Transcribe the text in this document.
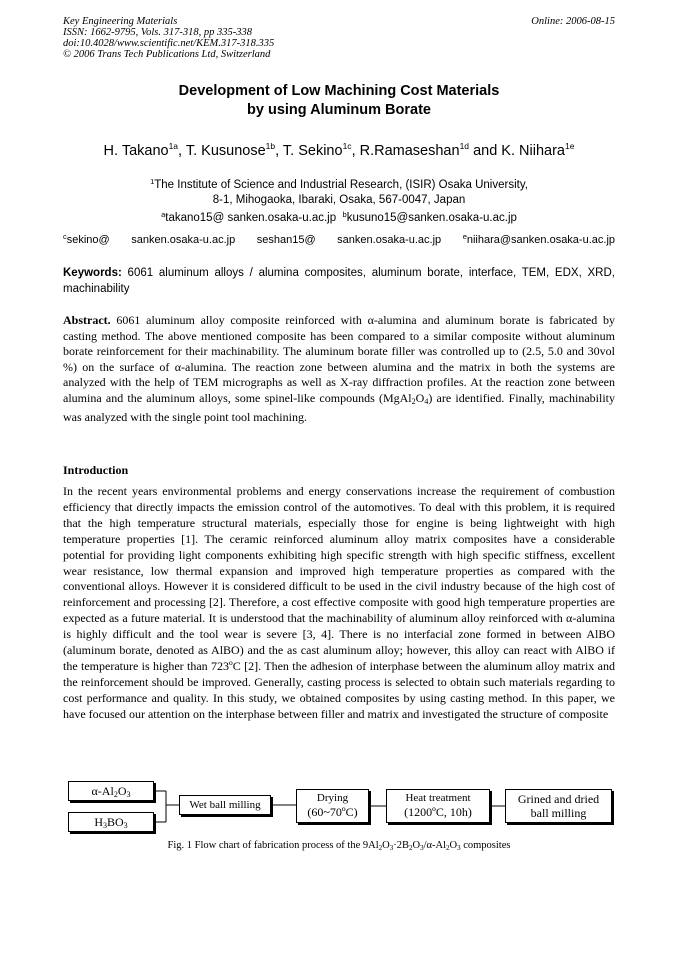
Key Engineering Materials
ISSN: 1662-9795, Vols. 317-318, pp 335-338
doi:10.4028/www.scientific.net/KEM.317-318.335
© 2006 Trans Tech Publications Ltd, Switzerland
Online: 2006-08-15
Development of Low Machining Cost Materials
by using Aluminum Borate
H. Takano$^{1a}$, T. Kusunose$^{1b}$, T. Sekino$^{1c}$, R.Ramaseshan$^{1d}$ and K. Niihara$^{1e}$
$^1$The Institute of Science and Industrial Research, (ISIR) Osaka University,
8-1, Mihogaoka, Ibaraki, Osaka, 567-0047, Japan
$^a$takano15@ sanken.osaka-u.ac.jp $^b$kusuno15@sanken.osaka-u.ac.jp
$^c$sekino@ sanken.osaka-u.ac.jp seshan15@ sanken.osaka-u.ac.jp	$^e$niihara@sanken.osaka-u.ac.jp
Keywords: 6061 aluminum alloys / alumina composites, aluminum borate, interface, TEM, EDX, XRD, machinability
Abstract. 6061 aluminum alloy composite reinforced with α-alumina and aluminum borate is fabricated by casting method. The above mentioned composite has been compared to a similar composite without aluminum borate reinforcement for their machinability. The aluminum borate filler was controlled up to (2.5, 5.0 and 30vol %) on the surface of α-alumina. The reaction zone between alumina and the matrix in both the systems are analyzed with the help of TEM micrographs as well as X-ray diffraction profiles. At the reaction zone between alumina and the aluminum alloys, some spinel-like compounds $(MgAl_2O_4)$ are identified. Finally, machinability was analyzed with the single point tool machining.
Introduction
In the recent years environmental problems and energy conservations increase the requirement of combustion efficiency that directly impacts the emission control of the automotives. To deal with this problem, it is required that the high temperature structural materials, especially those for engine is being lightweight with high temperature properties [1]. The ceramic reinforced aluminum alloy matrix composites have a considerable potential for providing light components exhibiting high specific strength with high specific stiffness, excellent wear resistance, low thermal expansion and improved high temperature properties as compared with the conventional alloys. However it is considered difficult to be used in the civil industry because of the high cost of reinforcement and processing [2]. Therefore, a cost effective composite with good high temperature properties are expected as a future material. It is understood that the machinability of aluminum alloy reinforced with α-alumina is highly difficult and the tool wear is severe [3, 4]. There is no interfacial zone formed in between AlBO (aluminum borate, denoted as AlBO) and the as cast aluminum alloy; however, this alloy can react with AlBO if the temperature is higher than 723ºC [2]. Then the adhesion of interphase between the aluminum alloy matrix and the reinforcement should be improved. Generally, casting process is selected to obtain such materials regarding to cost performance and quality. In this study, we obtained composites by using casting method. In this paper, we have focused our attention on the interphase between filler and matrix and investigated the structure of composite
$\alpha-Al_2O_3$
$H_3BO_3$
Wet ball milling
Drying
(60~70ºC)
Heat treatment
(1200ºC, 10h)
Grined and dried
ball milling
Fig. 1 Flow chart of fabrication process of the $9Al_2O_3\cdot 2B_2O_3/\alpha-Al_2O_3$ composites
